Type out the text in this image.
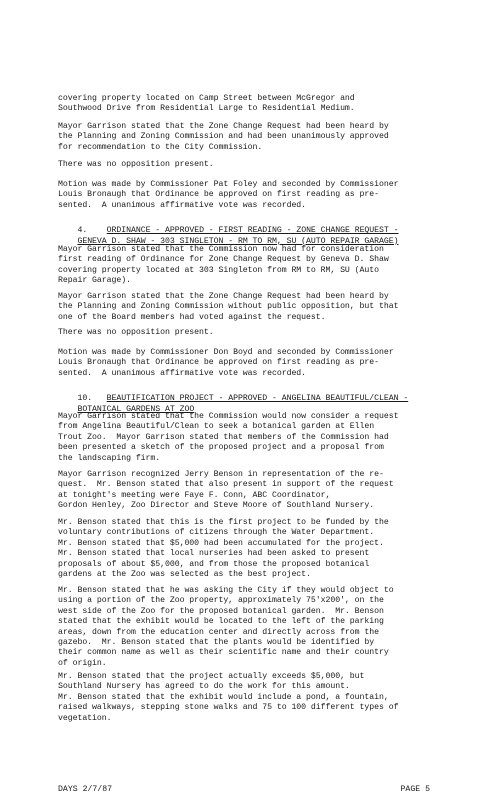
covering property located on Camp Street between McGregor and
Southwood Drive from Residential Large to Residential Medium.
Mayor Garrison stated that the Zone Change Request had been heard by
the Planning and Zoning Commission and had been unanimously approved
for recommendation to the City Commission.
There was no opposition present.
Motion was made by Commissioner Pat Foley and seconded by Commissioner
Louis Bronaugh that Ordinance be approved on first reading as pre-
sented.  A unanimous affirmative vote was recorded.

4. ORDINANCE - APPROVED - FIRST READING - ZONE CHANGE REQUEST -
GENEVA D. SHAW - 303 SINGLETON - RM TO RM, SU (AUTO REPAIR GARAGE)

Mayor Garrison stated that the Commission now had for consideration
first reading of Ordinance for Zone Change Request by Geneva D. Shaw
covering property located at 303 Singleton from RM to RM, SU (Auto
Repair Garage).
Mayor Garrison stated that the Zone Change Request had been heard by
the Planning and Zoning Commission without public opposition, but that
one of the Board members had voted against the request.
There was no opposition present.
Motion was made by Commissioner Don Boyd and seconded by Commissioner
Louis Bronaugh that Ordinance be approved on first reading as pre-
sented.  A unanimous affirmative vote was recorded.

10. BEAUTIFICATION PROJECT - APPROVED - ANGELINA BEAUTIFUL/CLEAN -
BOTANICAL GARDENS AT ZOO

Mayor Garrison stated that the Commission would now consider a request
from Angelina Beautiful/Clean to seek a botanical garden at Ellen
Trout Zoo.  Mayor Garrison stated that members of the Commission had
been presented a sketch of the proposed project and a proposal from
the landscaping firm.
Mayor Garrison recognized Jerry Benson in representation of the re-
quest.  Mr. Benson stated that also present in support of the request
at tonight's meeting were Faye F. Conn, ABC Coordinator,
Gordon Henley, Zoo Director and Steve Moore of Southland Nursery.
Mr. Benson stated that this is the first project to be funded by the
voluntary contributions of citizens through the Water Department.
Mr. Benson stated that $5,000 had been accumulated for the project.
Mr. Benson stated that local nurseries had been asked to present
proposals of about $5,000, and from those the proposed botanical
gardens at the Zoo was selected as the best project.
Mr. Benson stated that he was asking the City if they would object to
using a portion of the Zoo property, approximately 75'x200', on the
west side of the Zoo for the proposed botanical garden.  Mr. Benson
stated that the exhibit would be located to the left of the parking
areas, down from the education center and directly across from the
gazebo.  Mr. Benson stated that the plants would be identified by
their common name as well as their scientific name and their country
of origin.
Mr. Benson stated that the project actually exceeds $5,000, but
Southland Nursery has agreed to do the work for this amount.
Mr. Benson stated that the exhibit would include a pond, a fountain,
raised walkways, stepping stone walks and 75 to 100 different types of
vegetation.
DAYS 2/7/87	PAGE 5
